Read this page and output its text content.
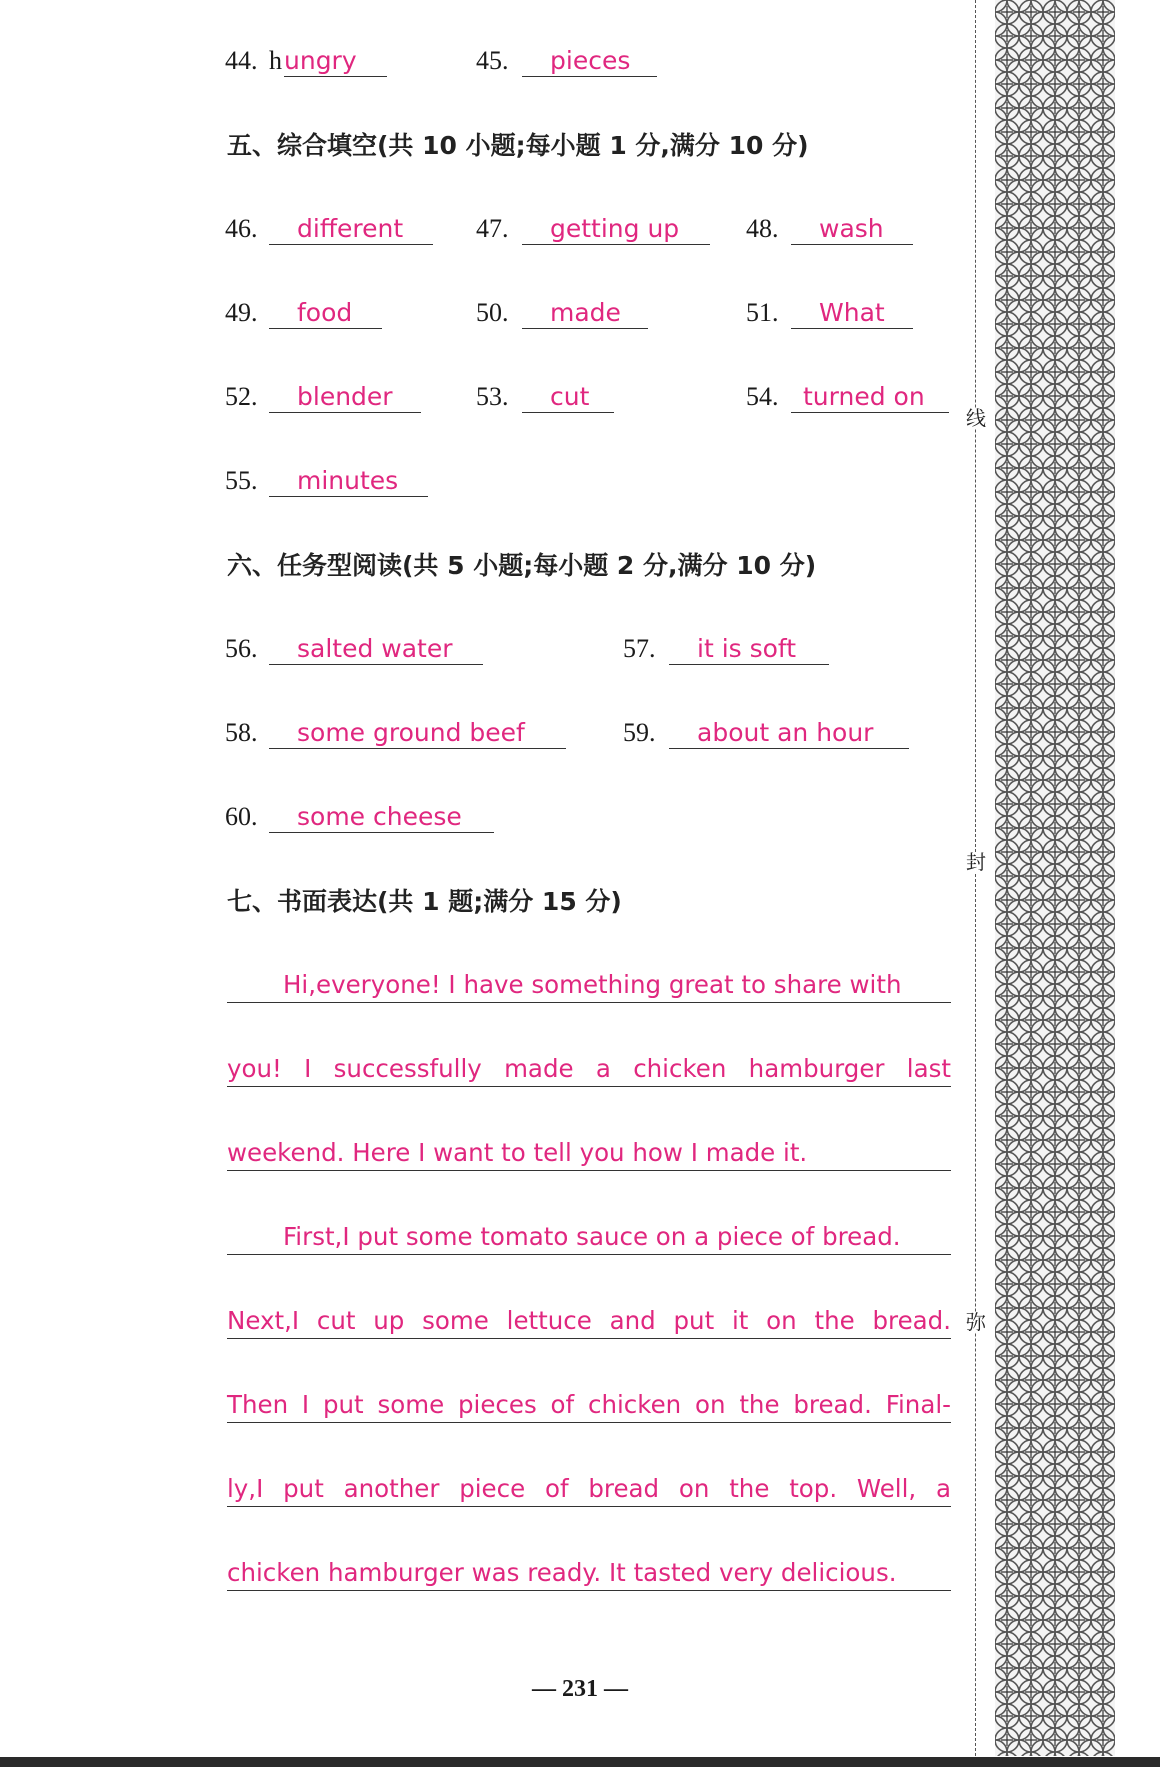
44. h ungry	45. pieces
五、综合填空(共 10 小题;每小题 1 分,满分 10 分)
46. different	47. getting up	48. wash
49. food	50. made	51. What
52. blender	53. cut	54. turned on
55. minutes
六、任务型阅读(共 5 小题;每小题 2 分,满分 10 分)
56. salted water	57. it is soft
58. some ground beef	59. about an hour
60. some cheese
七、书面表达(共 1 题;满分 15 分)
Hi,everyone! I have something great to share with
you! I successfully made a chicken hamburger last
weekend. Here I want to tell you how I made it.
First,I put some tomato sauce on a piece of bread.
Next,I cut up some lettuce and put it on the bread.
Then I put some pieces of chicken on the bread. Final-
ly,I put another piece of bread on the top. Well, a
chicken hamburger was ready. It tasted very delicious.
线
封
弥
— 231 —
